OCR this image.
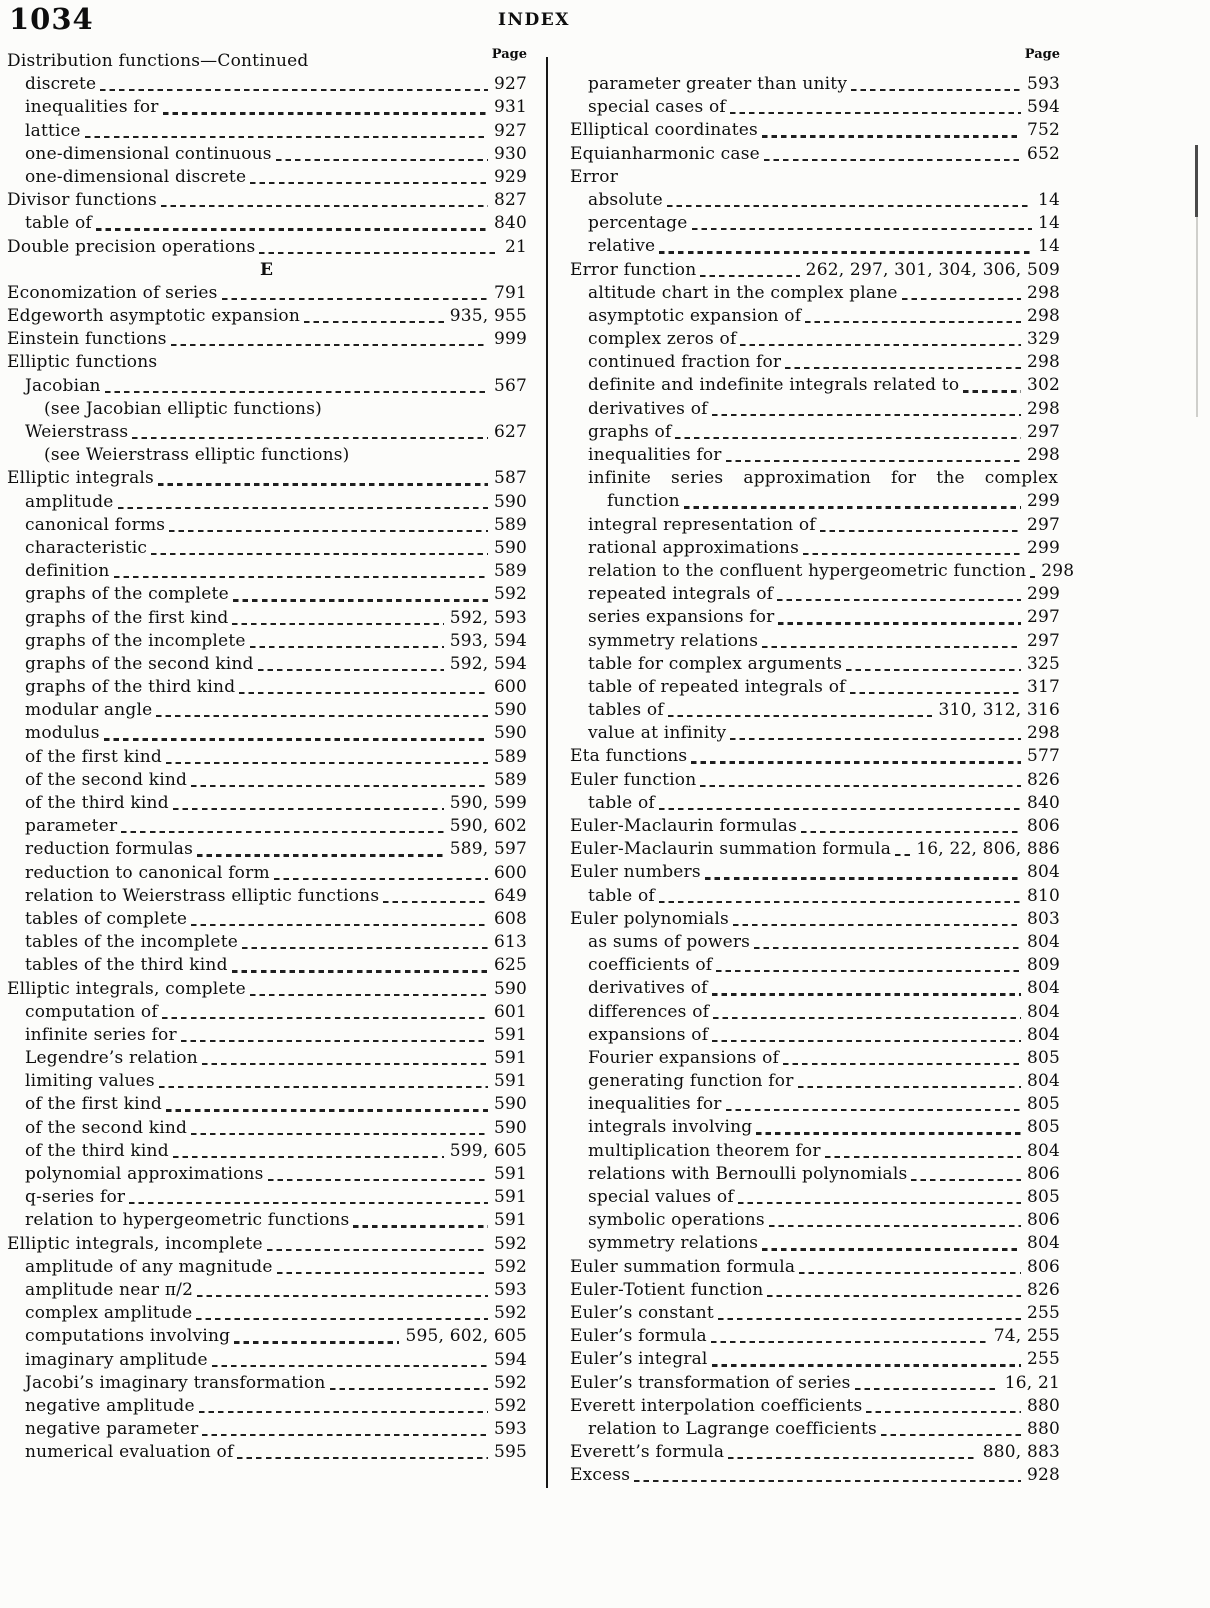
1034	INDEX
Page	Page
Distribution functions—Continued
discrete	927
inequalities for	931
lattice	927
one-dimensional continuous	930
one-dimensional discrete	929
Divisor functions	827
table of	840
Double precision operations	21
E
Economization of series	791
Edgeworth asymptotic expansion	935, 955
Einstein functions	999
Elliptic functions
Jacobian	567
(see Jacobian elliptic functions)
Weierstrass	627
(see Weierstrass elliptic functions)
Elliptic integrals	587
amplitude	590
canonical forms	589
characteristic	590
definition	589
graphs of the complete	592
graphs of the first kind	592, 593
graphs of the incomplete	593, 594
graphs of the second kind	592, 594
graphs of the third kind	600
modular angle	590
modulus	590
of the first kind	589
of the second kind	589
of the third kind	590, 599
parameter	590, 602
reduction formulas	589, 597
reduction to canonical form	600
relation to Weierstrass elliptic functions	649
tables of complete	608
tables of the incomplete	613
tables of the third kind	625
Elliptic integrals, complete	590
computation of	601
infinite series for	591
Legendre’s relation	591
limiting values	591
of the first kind	590
of the second kind	590
of the third kind	599, 605
polynomial approximations	591
q-series for	591
relation to hypergeometric functions	591
Elliptic integrals, incomplete	592
amplitude of any magnitude	592
amplitude near π/2	593
complex amplitude	592
computations involving	595, 602, 605
imaginary amplitude	594
Jacobi’s imaginary transformation	592
negative amplitude	592
negative parameter	593
numerical evaluation of	595
parameter greater than unity	593
special cases of	594
Elliptical coordinates	752
Equianharmonic case	652
Error
absolute	14
percentage	14
relative	14
Error function	262, 297, 301, 304, 306, 509
altitude chart in the complex plane	298
asymptotic expansion of	298
complex zeros of	329
continued fraction for	298
definite and indefinite integrals related to	302
derivatives of	298
graphs of	297
inequalities for	298
infinite series approximation for the complex
function	299
integral representation of	297
rational approximations	299
relation to the confluent hypergeometric function 298
repeated integrals of	299
series expansions for	297
symmetry relations	297
table for complex arguments	325
table of repeated integrals of	317
tables of	310, 312, 316
value at infinity	298
Eta functions	577
Euler function	826
table of	840
Euler-Maclaurin formulas	806
Euler-Maclaurin summation formula 16, 22, 806, 886
Euler numbers	804
table of	810
Euler polynomials	803
as sums of powers	804
coefficients of	809
derivatives of	804
differences of	804
expansions of	804
Fourier expansions of	805
generating function for	804
inequalities for	805
integrals involving	805
multiplication theorem for	804
relations with Bernoulli polynomials	806
special values of	805
symbolic operations	806
symmetry relations	804
Euler summation formula	806
Euler-Totient function	826
Euler’s constant	255
Euler’s formula	74, 255
Euler’s integral	255
Euler’s transformation of series	16, 21
Everett interpolation coefficients	880
relation to Lagrange coefficients	880
Everett’s formula	880, 883
Excess	928
